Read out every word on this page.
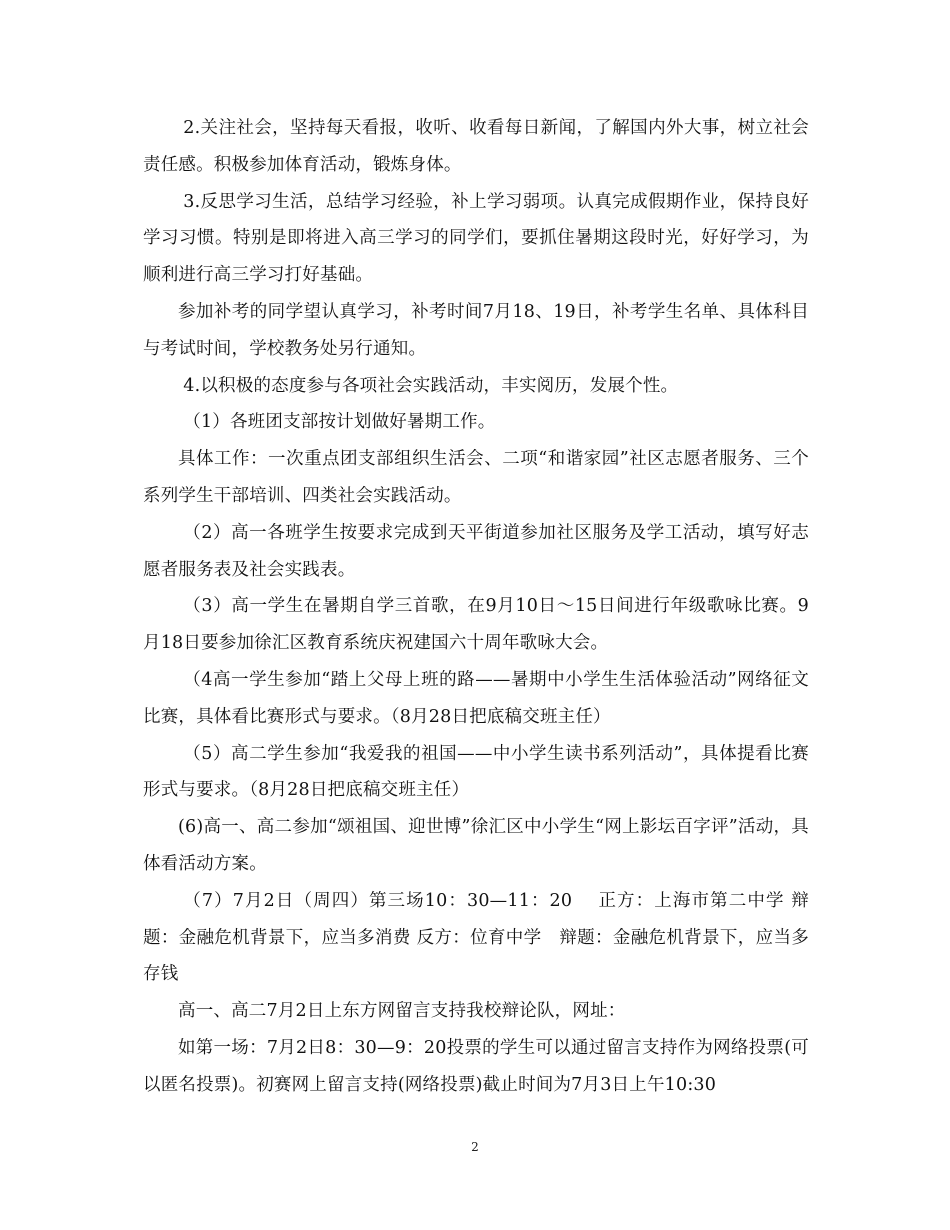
2.关注社会，坚持每天看报，收听、收看每日新闻，了解国内外大事，树立社会责任感。积极参加体育活动，锻炼身体。

3.反思学习生活，总结学习经验，补上学习弱项。认真完成假期作业，保持良好学习习惯。特别是即将进入高三学习的同学们，要抓住暑期这段时光，好好学习，为顺利进行高三学习打好基础。

参加补考的同学望认真学习，补考时间7月18、19日，补考学生名单、具体科目与考试时间，学校教务处另行通知。

4.以积极的态度参与各项社会实践活动，丰实阅历，发展个性。

（1）各班团支部按计划做好暑期工作。

具体工作：一次重点团支部组织生活会、二项“和谐家园”社区志愿者服务、三个系列学生干部培训、四类社会实践活动。

（2）高一各班学生按要求完成到天平街道参加社区服务及学工活动，填写好志愿者服务表及社会实践表。

（3）高一学生在暑期自学三首歌，在9月10日～15日间进行年级歌咏比赛。9月18日要参加徐汇区教育系统庆祝建国六十周年歌咏大会。

（4高一学生参加“踏上父母上班的路——暑期中小学生生活体验活动”网络征文比赛，具体看比赛形式与要求。（8月28日把底稿交班主任）

（5）高二学生参加“我爱我的祖国——中小学生读书系列活动”，具体提看比赛形式与要求。（8月28日把底稿交班主任）

(6)高一、高二参加“颂祖国、迎世博”徐汇区中小学生“网上影坛百字评”活动，具体看活动方案。

（7）7月2日（周四）第三场10：30—11：20　 正方：上海市第二中学 辩题：金融危机背景下，应当多消费 反方：位育中学　辩题：金融危机背景下，应当多存钱

高一、高二7月2日上东方网留言支持我校辩论队，网址：

如第一场：7月2日8：30—9：20投票的学生可以通过留言支持作为网络投票(可以匿名投票)。初赛网上留言支持(网络投票)截止时间为7月3日上午10:30

2
